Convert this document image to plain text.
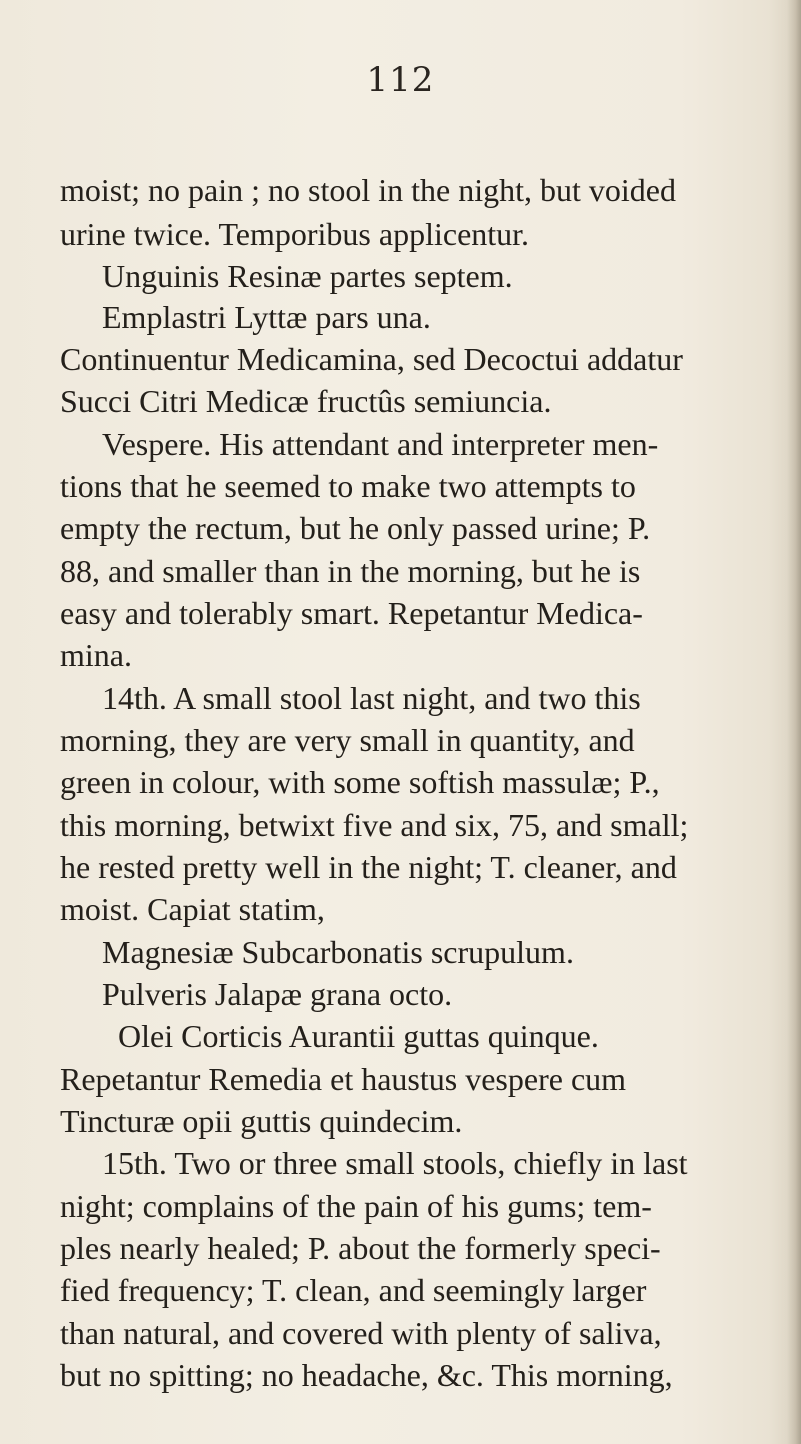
112
moist; no pain ; no stool in the night, but voided
urine twice. Temporibus applicentur.
Unguinis Resinæ partes septem.
Emplastri Lyttæ pars una.
Continuentur Medicamina, sed Decoctui addatur
Succi Citri Medicæ fructûs semiuncia.
Vespere. His attendant and interpreter men-
tions that he seemed to make two attempts to
empty the rectum, but he only passed urine; P.
88, and smaller than in the morning, but he is
easy and tolerably smart. Repetantur Medica-
mina.
14th. A small stool last night, and two this
morning, they are very small in quantity, and
green in colour, with some softish massulæ; P.,
this morning, betwixt five and six, 75, and small;
he rested pretty well in the night; T. cleaner, and
moist. Capiat statim,
Magnesiæ Subcarbonatis scrupulum.
Pulveris Jalapæ grana octo.
Olei Corticis Aurantii guttas quinque.
Repetantur Remedia et haustus vespere cum
Tincturæ opii guttis quindecim.
15th. Two or three small stools, chiefly in last
night; complains of the pain of his gums; tem-
ples nearly healed; P. about the formerly speci-
fied frequency; T. clean, and seemingly larger
than natural, and covered with plenty of saliva,
but no spitting; no headache, &c. This morning,
